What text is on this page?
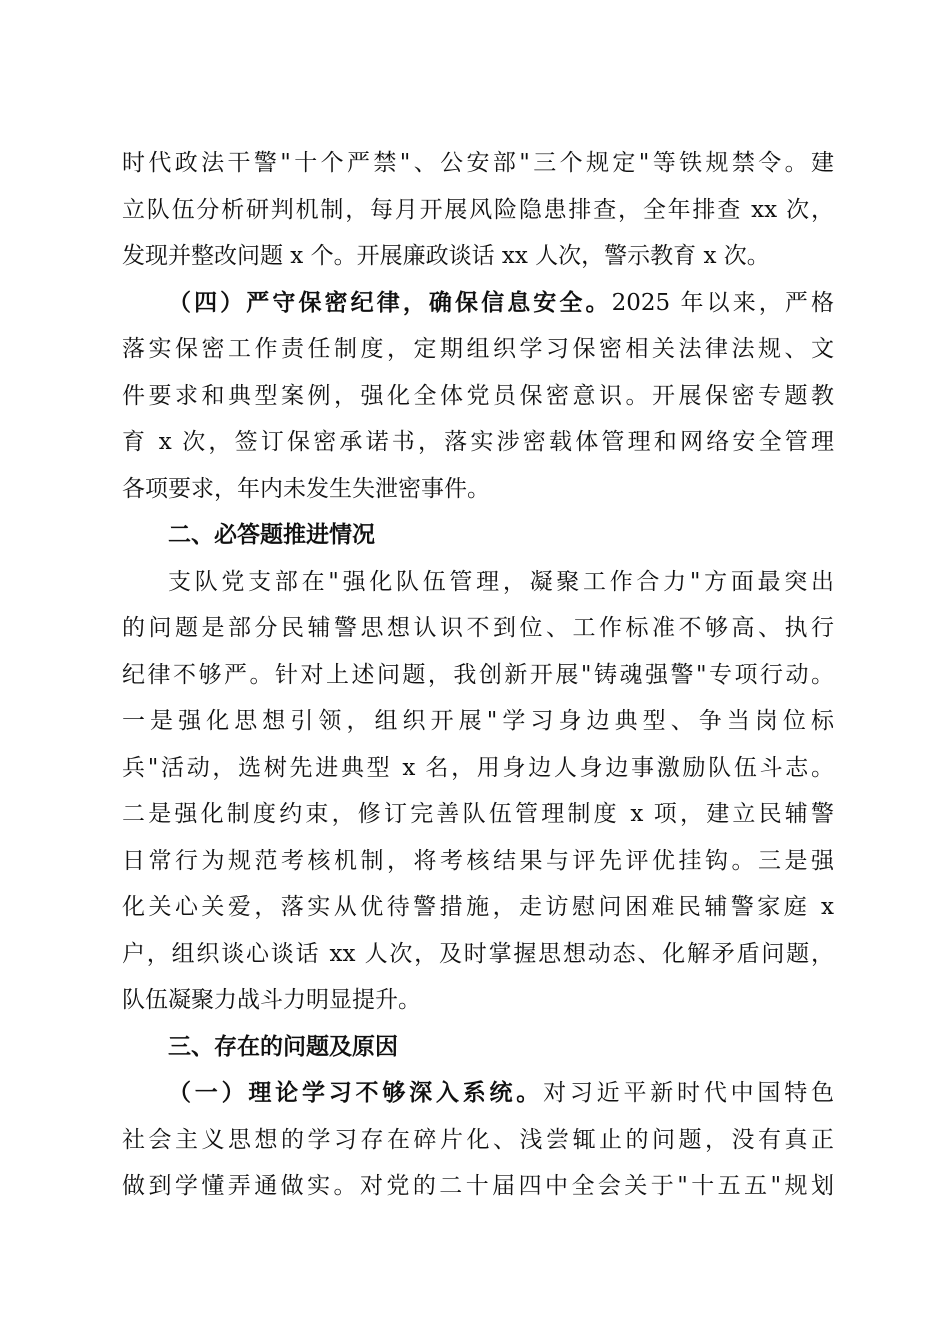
时代政法干警"十个严禁"、公安部"三个规定"等铁规禁令。建
立队伍分析研判机制，每月开展风险隐患排查，全年排查 xx 次，
发现并整改问题 x 个。开展廉政谈话 xx 人次，警示教育 x 次。
（四）严守保密纪律，确保信息安全。2025 年以来，严格
落实保密工作责任制度，定期组织学习保密相关法律法规、文
件要求和典型案例，强化全体党员保密意识。开展保密专题教
育 x 次，签订保密承诺书，落实涉密载体管理和网络安全管理
各项要求，年内未发生失泄密事件。
二、必答题推进情况
支队党支部在"强化队伍管理，凝聚工作合力"方面最突出
的问题是部分民辅警思想认识不到位、工作标准不够高、执行
纪律不够严。针对上述问题，我创新开展"铸魂强警"专项行动。
一是强化思想引领，组织开展"学习身边典型、争当岗位标
兵"活动，选树先进典型 x 名，用身边人身边事激励队伍斗志。
二是强化制度约束，修订完善队伍管理制度 x 项，建立民辅警
日常行为规范考核机制，将考核结果与评先评优挂钩。三是强
化关心关爱，落实从优待警措施，走访慰问困难民辅警家庭 x
户，组织谈心谈话 xx 人次，及时掌握思想动态、化解矛盾问题，
队伍凝聚力战斗力明显提升。
三、存在的问题及原因
（一）理论学习不够深入系统。对习近平新时代中国特色
社会主义思想的学习存在碎片化、浅尝辄止的问题，没有真正
做到学懂弄通做实。对党的二十届四中全会关于"十五五"规划
